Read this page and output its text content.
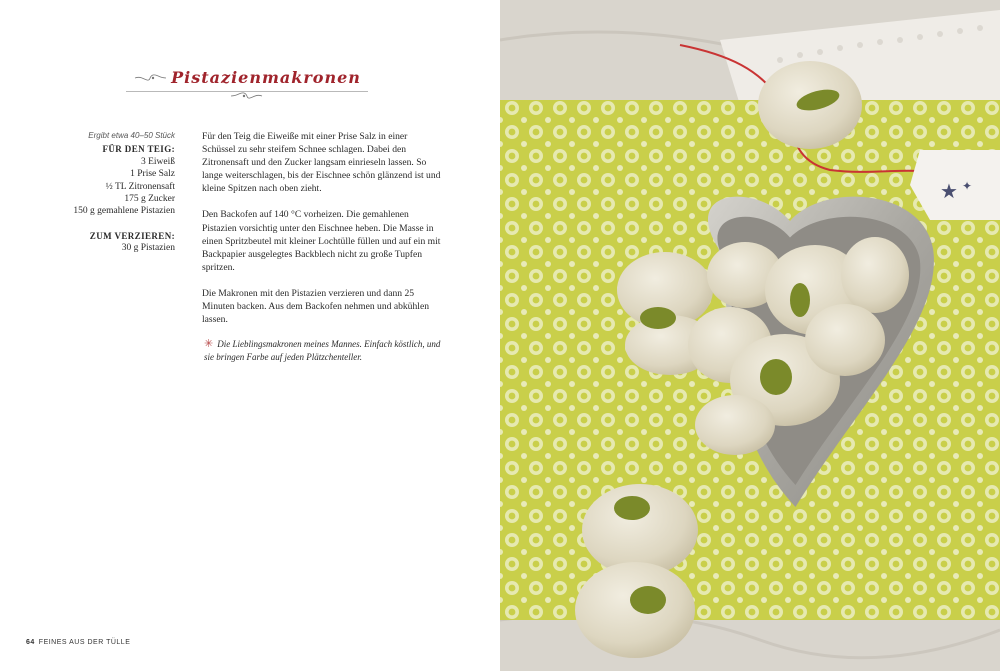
Pistazienmakronen
Ergibt etwa 40–50 Stück
FÜR DEN TEIG:
3 Eiweiß
1 Prise Salz
½ TL Zitronensaft
175 g Zucker
150 g gemahlene Pistazien
ZUM VERZIEREN:
30 g Pistazien

Für den Teig die Eiweiße mit einer Prise Salz in einer Schüssel zu sehr steifem Schnee schlagen. Dabei den Zitronensaft und den Zucker langsam einrieseln lassen. So lange weiterschlagen, bis der Eischnee schön glänzend ist und kleine Spitzen nach oben zieht.

Den Backofen auf 140 °C vorheizen. Die gemahlenen Pistazien vorsichtig unter den Eischnee heben. Die Masse in einen Spritzbeutel mit kleiner Lochtülle füllen und auf ein mit Backpapier ausgelegtes Backblech nicht zu große Tupfen spritzen.

Die Makronen mit den Pistazien verzieren und dann 25 Minuten backen. Aus dem Backofen nehmen und abkühlen lassen.

✳ Die Lieblingsmakronen meines Mannes. Einfach köstlich, und sie bringen Farbe auf jeden Plätzchenteller.
64 FEINES AUS DER TÜLLE
★ ✦
